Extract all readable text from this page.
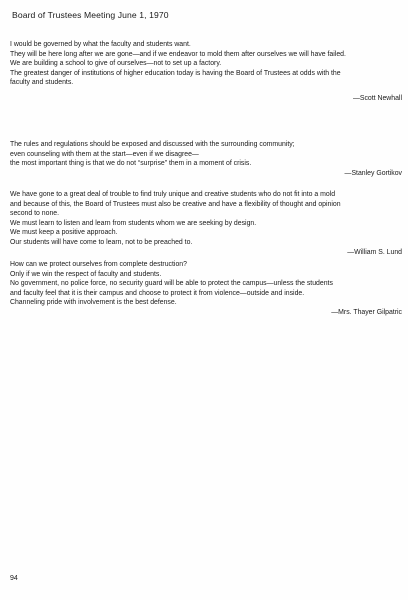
Board of Trustees Meeting June 1, 1970
I would be governed by what the faculty and students want.
They will be here long after we are gone—and if we endeavor to mold them after ourselves we will have failed.
We are building a school to give of ourselves—not to set up a factory.
The greatest danger of institutions of higher education today is having the Board of Trustees at odds with the
faculty and students.
—Scott Newhall
The rules and regulations should be exposed and discussed with the surrounding community;
even counseling with them at the start—even if we disagree—
the most important thing is that we do not “surprise” them in a moment of crisis.
—Stanley Gortikov
We have gone to a great deal of trouble to find truly unique and creative students who do not fit into a mold
and because of this, the Board of Trustees must also be creative and have a flexibility of thought and opinion
second to none.
We must learn to listen and learn from students whom we are seeking by design.
We must keep a positive approach.
Our students will have come to learn, not to be preached to.
—William S. Lund
How can we protect ourselves from complete destruction?
Only if we win the respect of faculty and students.
No government, no police force, no security guard will be able to protect the campus—unless the students
and faculty feel that it is their campus and choose to protect it from violence—outside and inside.
Channeling pride with involvement is the best defense.
—Mrs. Thayer Gilpatric
94
